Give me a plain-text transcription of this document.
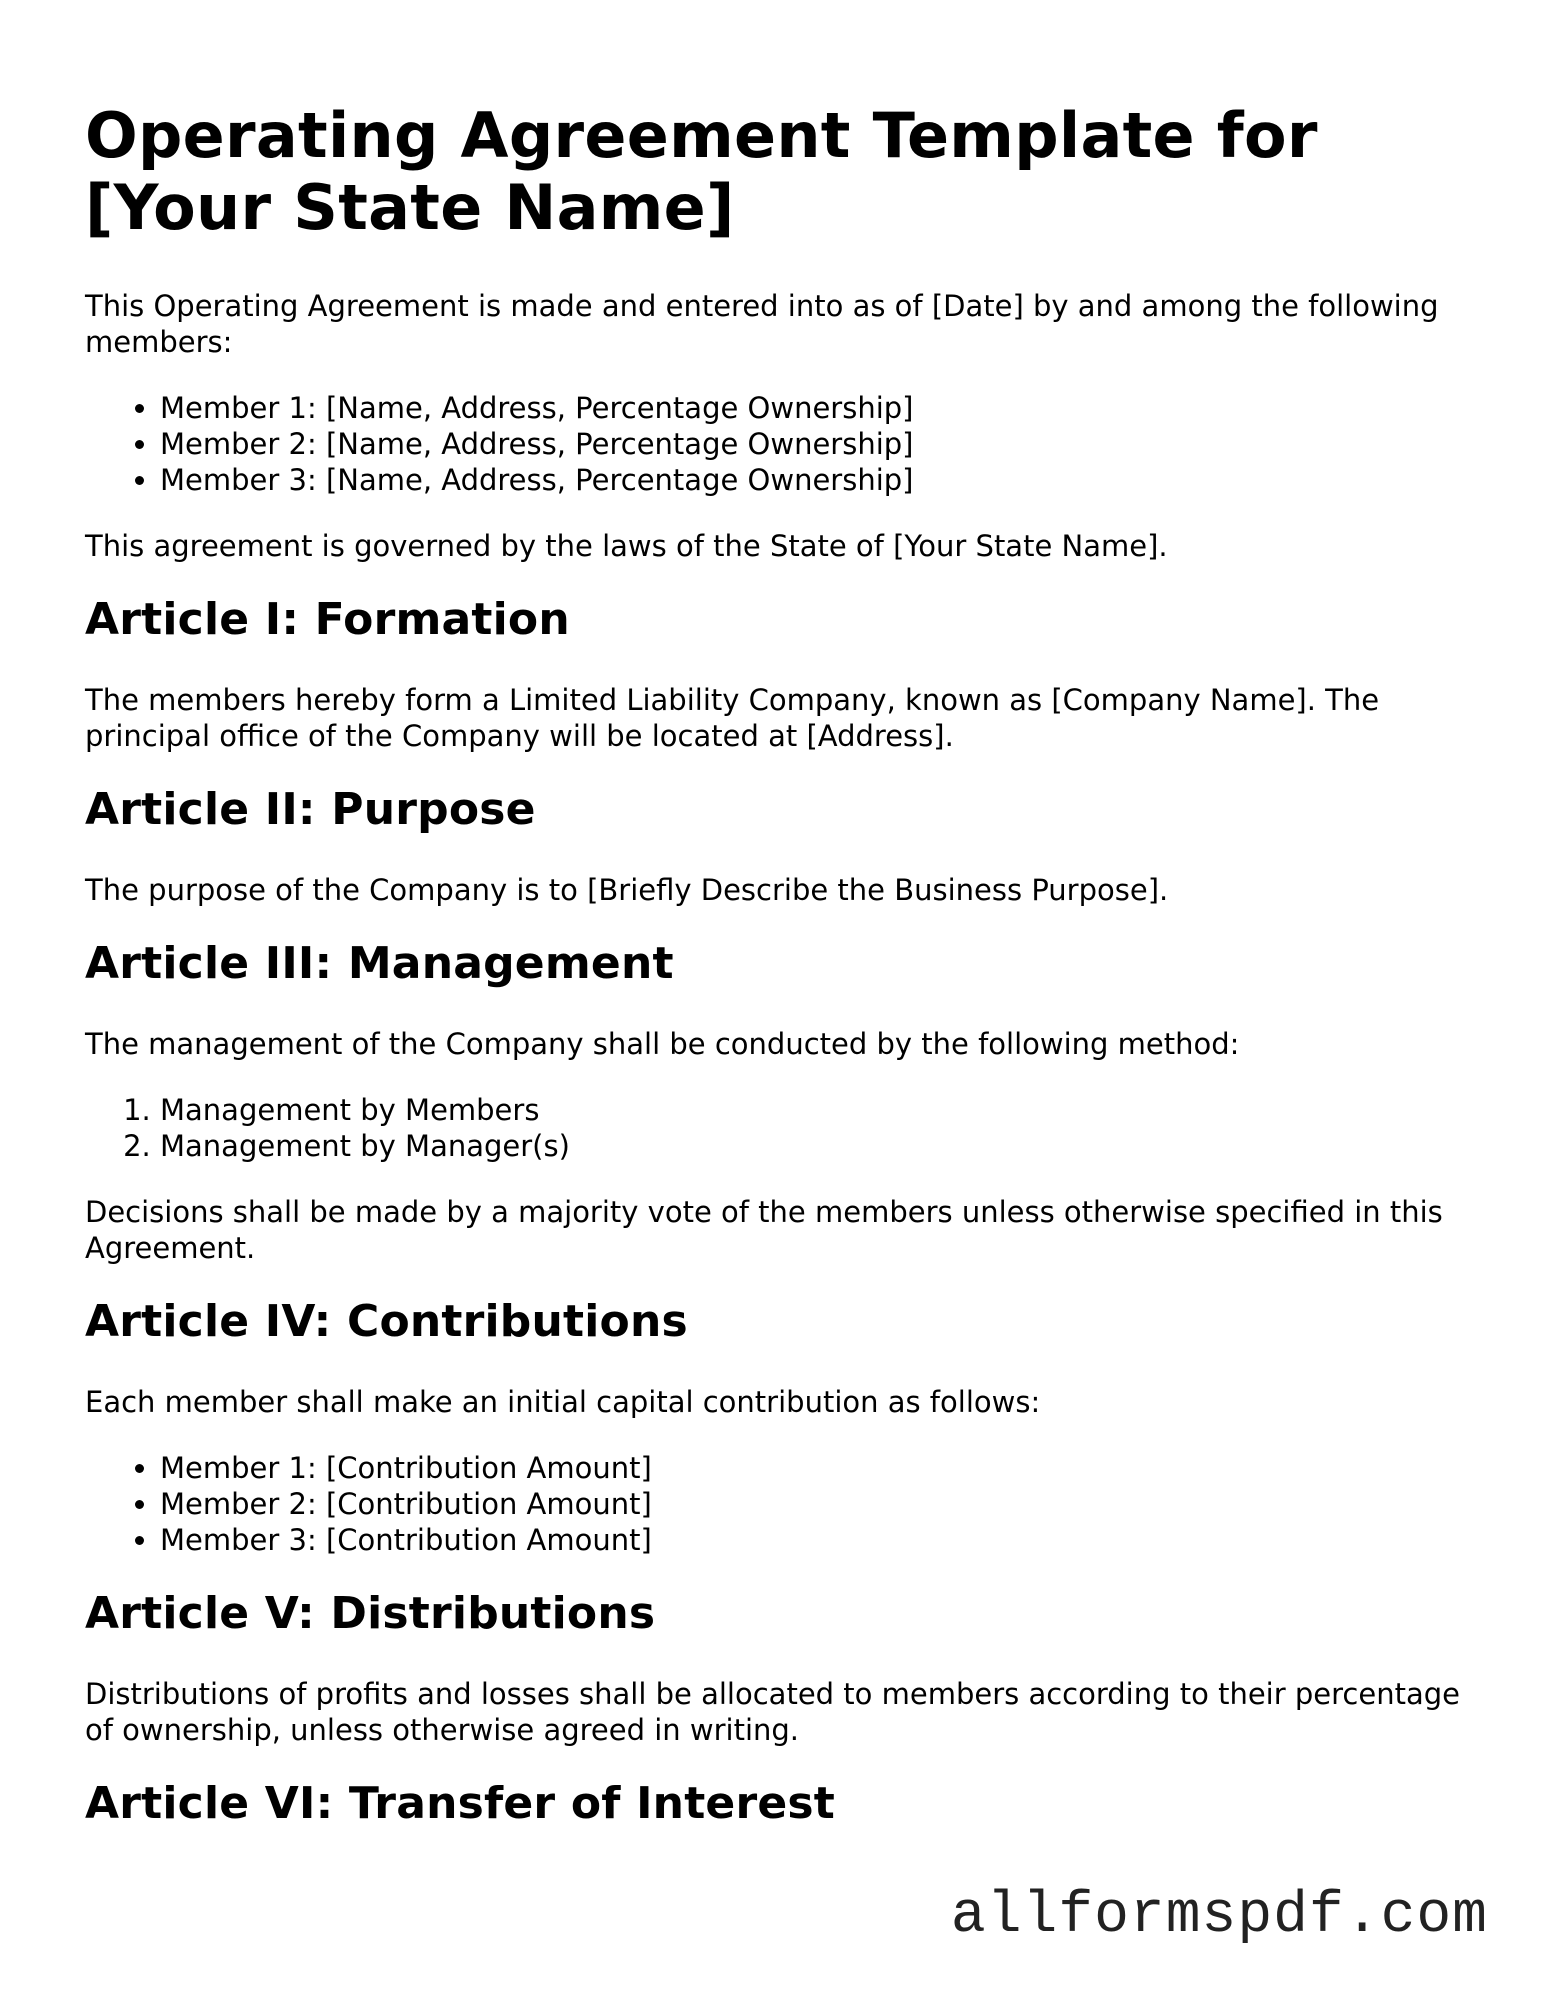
Operating Agreement Template for [Your State Name]

This Operating Agreement is made and entered into as of [Date] by and among the following members:

• Member 1: [Name, Address, Percentage Ownership]
• Member 2: [Name, Address, Percentage Ownership]
• Member 3: [Name, Address, Percentage Ownership]

This agreement is governed by the laws of the State of [Your State Name].

Article I: Formation

The members hereby form a Limited Liability Company, known as [Company Name]. The principal office of the Company will be located at [Address].

Article II: Purpose

The purpose of the Company is to [Briefly Describe the Business Purpose].

Article III: Management

The management of the Company shall be conducted by the following method:

1. Management by Members
2. Management by Manager(s)

Decisions shall be made by a majority vote of the members unless otherwise specified in this Agreement.

Article IV: Contributions

Each member shall make an initial capital contribution as follows:

• Member 1: [Contribution Amount]
• Member 2: [Contribution Amount]
• Member 3: [Contribution Amount]
Article V: Distributions

Distributions of profits and losses shall be allocated to members according to their percentage of ownership, unless otherwise agreed in writing.

Article VI: Transfer of Interest
allformspdf.com
